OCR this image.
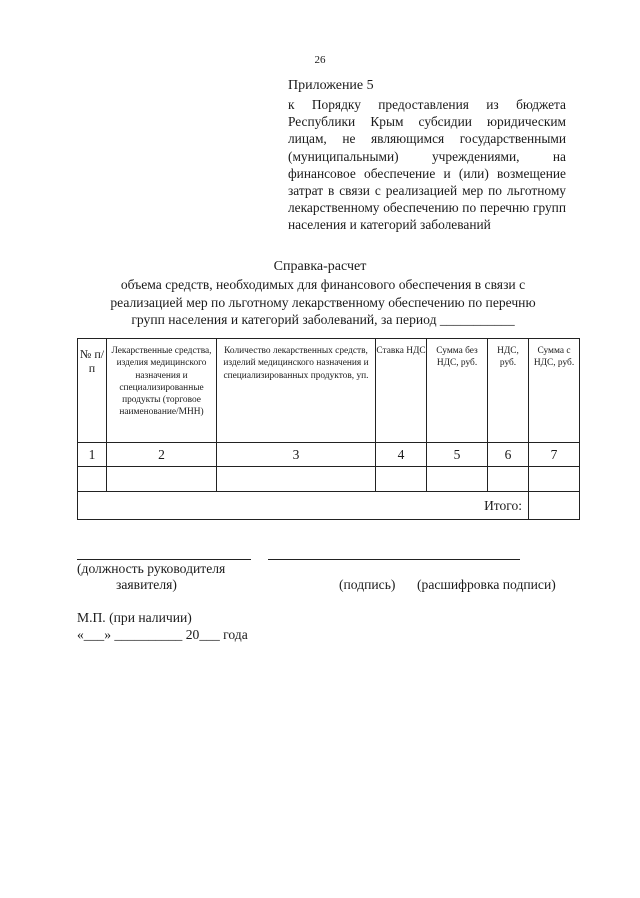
26
Приложение 5
к Порядку предоставления из бюджета Республики Крым субсидии юридическим лицам, не являющимся государственными (муниципальными) учреждениями, на финансовое обеспечение и (или) возмещение затрат в связи с реализацией мер по льготному лекарственному обеспечению по перечню групп населения и категорий заболеваний
Справка-расчет
объема средств, необходимых для финансового обеспечения в связи с
реализацией мер по льготному лекарственному обеспечению по перечню
групп населения и категорий заболеваний, за период ___________
№ п/п	Лекарственные средства, изделия медицинского назначения и специализированные продукты (торговое наименование/МНН)	Количество лекарственных средств, изделий медицинского назначения и специализированных продуктов, уп.	Ставка НДС	Сумма без НДС, руб.	НДС, руб.	Сумма с НДС, руб.
1	2	3	4	5	6	7

Итого:						
(должность руководителя
заявителя)	(подпись) (расшифровка подписи)
М.П. (при наличии)
«___» __________ 20___ года
